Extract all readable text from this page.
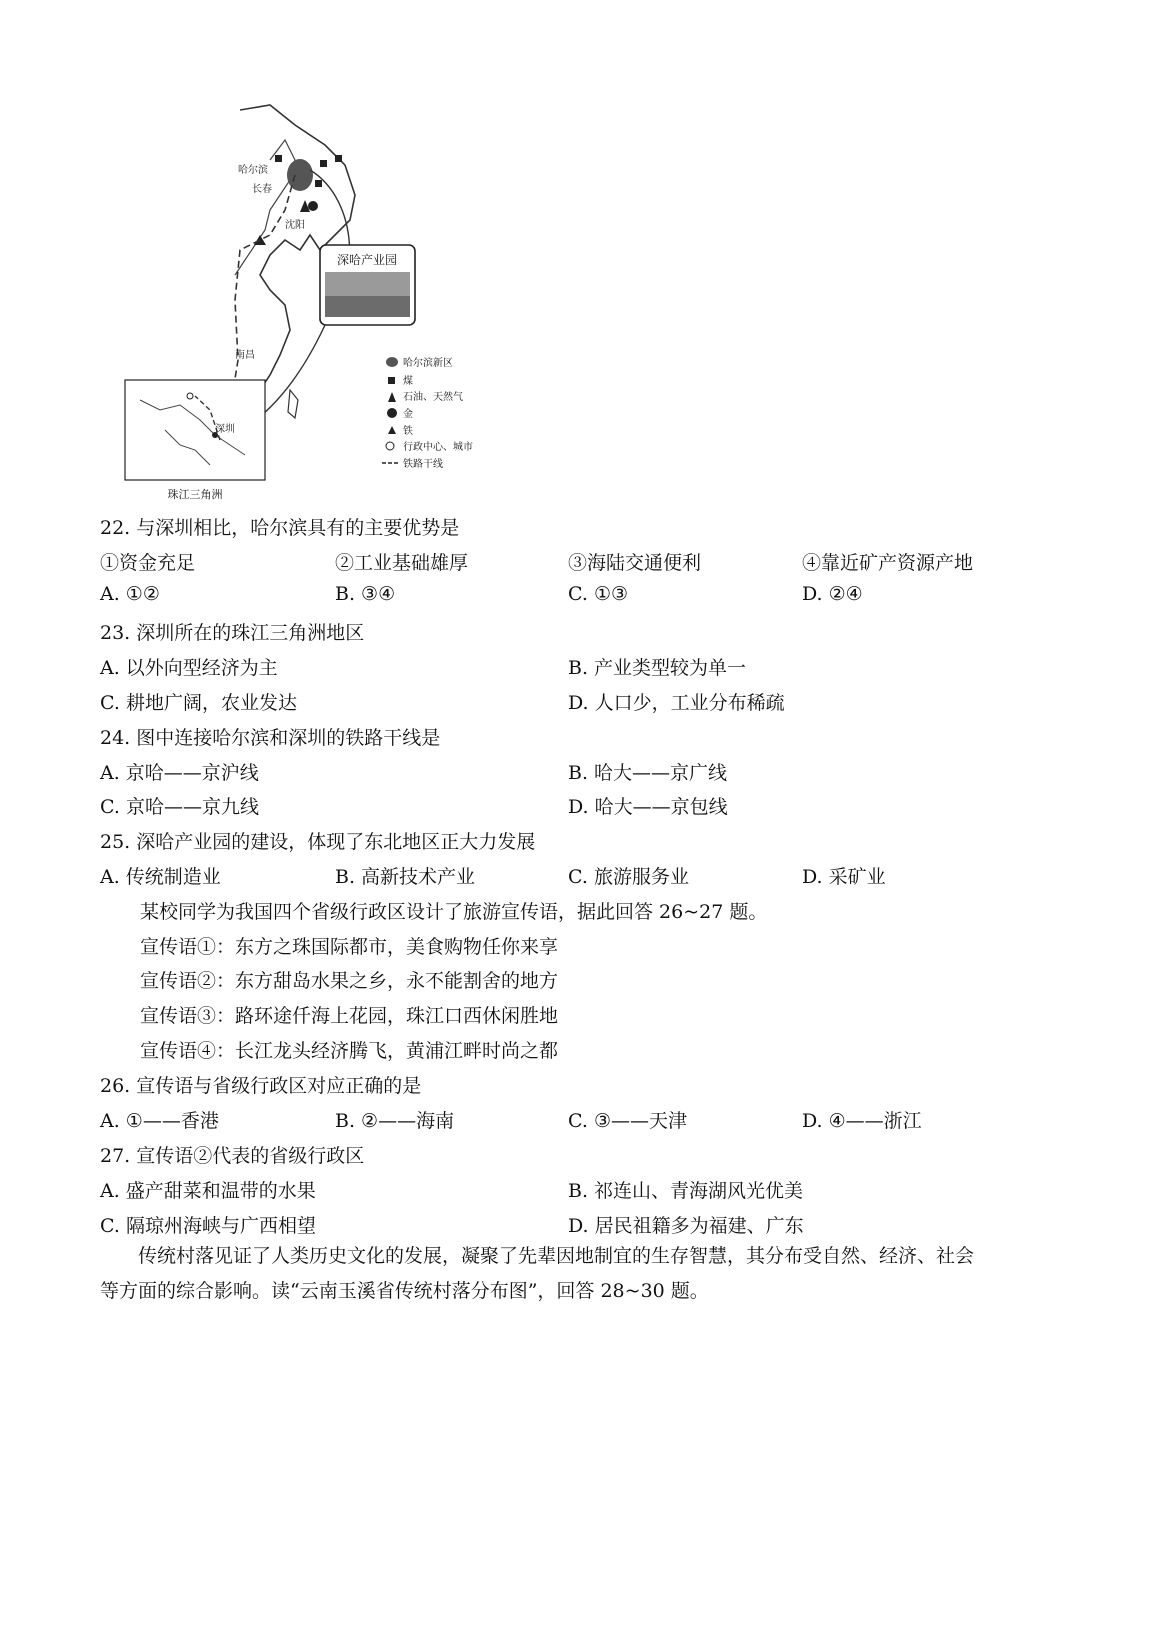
深哈产业园
珠江三角洲
哈尔滨新区
煤
石油、天然气
金
铁
行政中心、城市
铁路干线
哈尔滨
长春
沈阳
南昌
深圳
22. 与深圳相比，哈尔滨具有的主要优势是
①资金充足	②工业基础雄厚	③海陆交通便利	④靠近矿产资源产地
A. ①②	B. ③④	C. ①③	D. ②④
23. 深圳所在的珠江三角洲地区
A. 以外向型经济为主	B. 产业类型较为单一
C. 耕地广阔，农业发达	D. 人口少，工业分布稀疏
24. 图中连接哈尔滨和深圳的铁路干线是
A. 京哈——京沪线	B. 哈大——京广线
C. 京哈——京九线	D. 哈大——京包线
25. 深哈产业园的建设，体现了东北地区正大力发展
A. 传统制造业	B. 高新技术产业	C. 旅游服务业	D. 采矿业
某校同学为我国四个省级行政区设计了旅游宣传语，据此回答 26~27 题。
宣传语①：东方之珠国际都市，美食购物任你来享
宣传语②：东方甜岛水果之乡，永不能割舍的地方
宣传语③：路环途仟海上花园，珠江口西休闲胜地
宣传语④：长江龙头经济腾飞，黄浦江畔时尚之都
26. 宣传语与省级行政区对应正确的是
A. ①——香港	B. ②——海南	C. ③——天津	D. ④——浙江
27. 宣传语②代表的省级行政区
A. 盛产甜菜和温带的水果	B. 祁连山、青海湖风光优美
C. 隔琼州海峡与广西相望	D. 居民祖籍多为福建、广东
传统村落见证了人类历史文化的发展，凝聚了先辈因地制宜的生存智慧，其分布受自然、经济、社会等方面的综合影响。读“云南玉溪省传统村落分布图”，回答 28~30 题。
